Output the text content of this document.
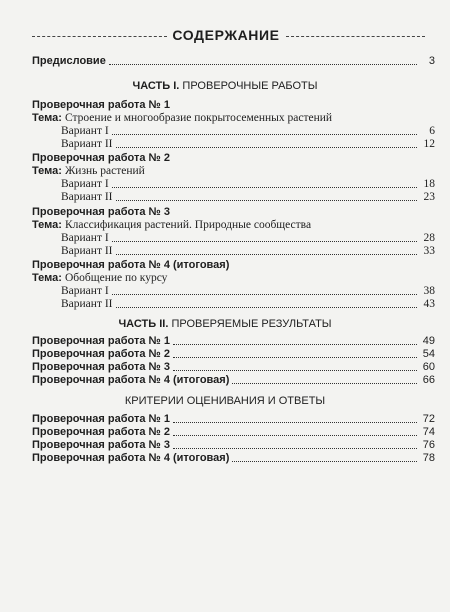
СОДЕРЖАНИЕ
Предисловие	3
ЧАСТЬ I. ПРОВЕРОЧНЫЕ РАБОТЫ
Проверочная работа № 1
Тема: Строение и многообразие покрытосеменных растений
Вариант I	6
Вариант II	12
Проверочная работа № 2
Тема: Жизнь растений
Вариант I	18
Вариант II	23
Проверочная работа № 3
Тема: Классификация растений. Природные сообщества
Вариант I	28
Вариант II	33
Проверочная работа № 4 (итоговая)
Тема: Обобщение по курсу
Вариант I	38
Вариант II	43
ЧАСТЬ II. ПРОВЕРЯЕМЫЕ РЕЗУЛЬТАТЫ
Проверочная работа № 1	49
Проверочная работа № 2	54
Проверочная работа № 3	60
Проверочная работа № 4 (итоговая)	66
КРИТЕРИИ ОЦЕНИВАНИЯ И ОТВЕТЫ
Проверочная работа № 1	72
Проверочная работа № 2	74
Проверочная работа № 3	76
Проверочная работа № 4 (итоговая)	78
